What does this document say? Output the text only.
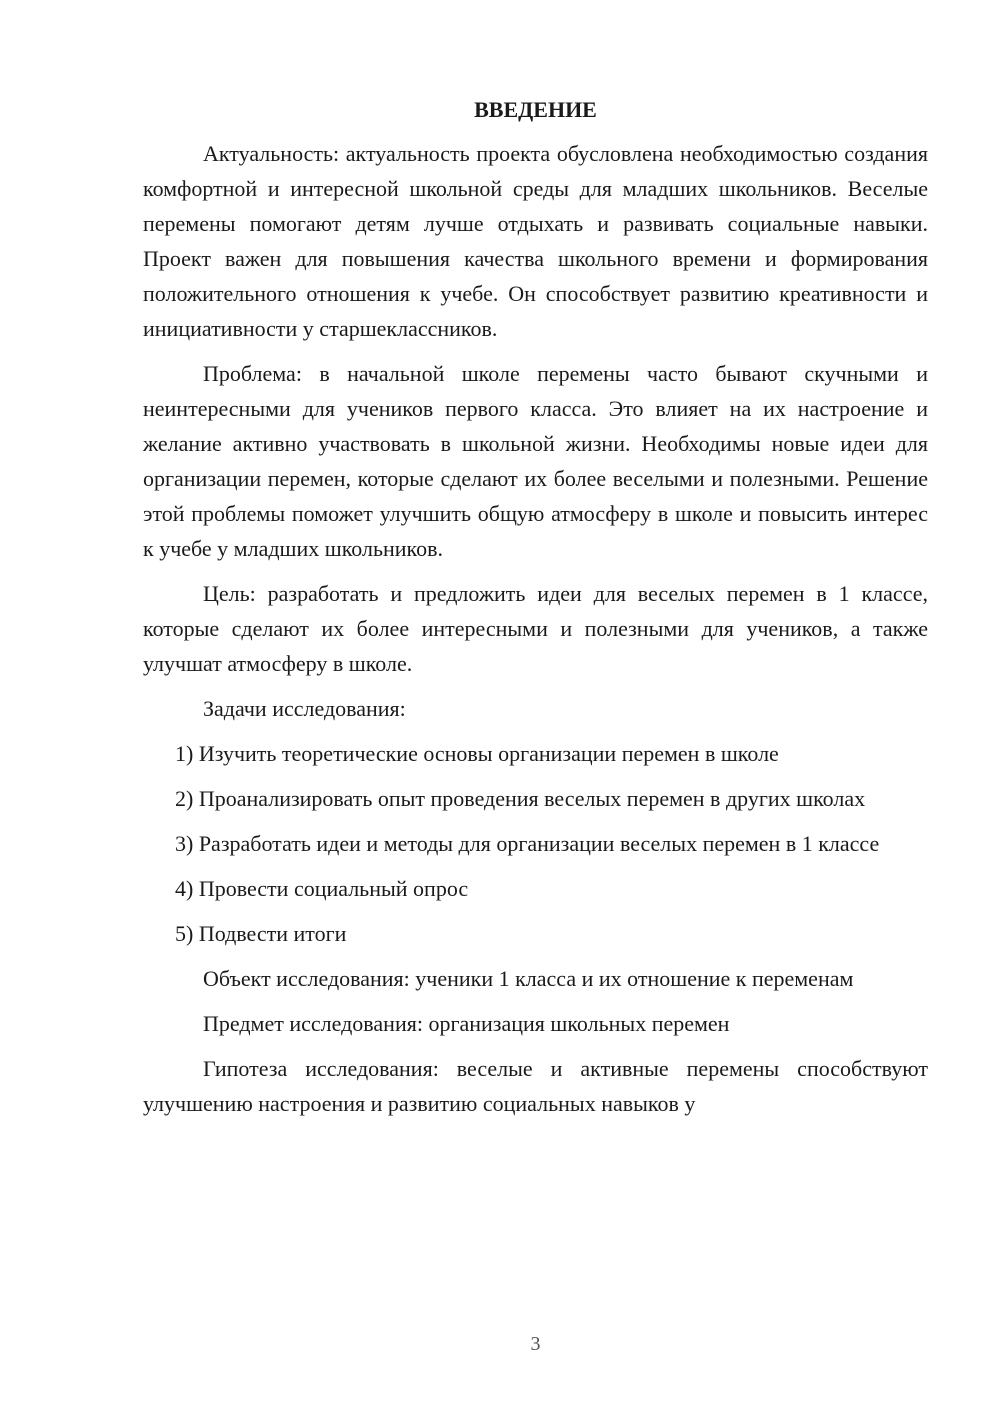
ВВЕДЕНИЕ

Актуальность: актуальность проекта обусловлена необходимостью создания комфортной и интересной школьной среды для младших школьников. Веселые перемены помогают детям лучше отдыхать и развивать социальные навыки. Проект важен для повышения качества школьного времени и формирования положительного отношения к учебе. Он способствует развитию креативности и инициативности у старшеклассников.

Проблема: в начальной школе перемены часто бывают скучными и неинтересными для учеников первого класса. Это влияет на их настроение и желание активно участвовать в школьной жизни. Необходимы новые идеи для организации перемен, которые сделают их более веселыми и полезными. Решение этой проблемы поможет улучшить общую атмосферу в школе и повысить интерес к учебе у младших школьников.

Цель: разработать и предложить идеи для веселых перемен в 1 классе, которые сделают их более интересными и полезными для учеников, а также улучшат атмосферу в школе.

Задачи исследования:

1) Изучить теоретические основы организации перемен в школе

2) Проанализировать опыт проведения веселых перемен в других школах

3) Разработать идеи и методы для организации веселых перемен в 1 классе

4) Провести социальный опрос

5) Подвести итоги

Объект исследования: ученики 1 класса и их отношение к переменам

Предмет исследования: организация школьных перемен

Гипотеза исследования: веселые и активные перемены способствуют улучшению настроения и развитию социальных навыков у

3
